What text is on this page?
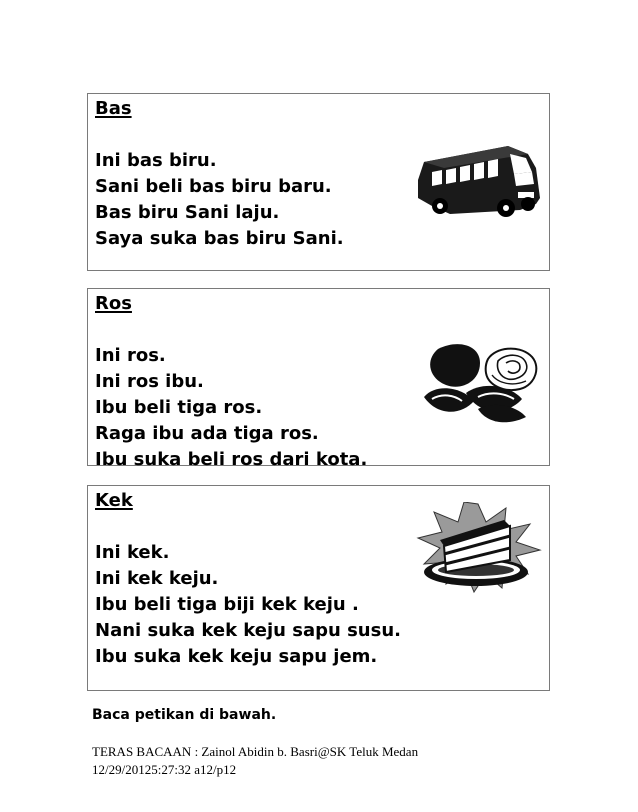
Bas
Ini bas biru.
Sani beli bas biru baru.
Bas biru Sani laju.
Saya suka bas biru Sani.
Ros
Ini ros.
Ini ros ibu.
Ibu beli tiga ros.
Raga ibu ada tiga ros.
Ibu suka beli ros dari kota.
Kek
Ini kek.
Ini kek keju.
Ibu beli tiga biji kek keju .
Nani suka kek keju sapu susu.
Ibu suka kek keju sapu jem.
Baca petikan di bawah.
TERAS BACAAN : Zainol Abidin b. Basri@SK Teluk Medan
12/29/20125:27:32 a12/p12
